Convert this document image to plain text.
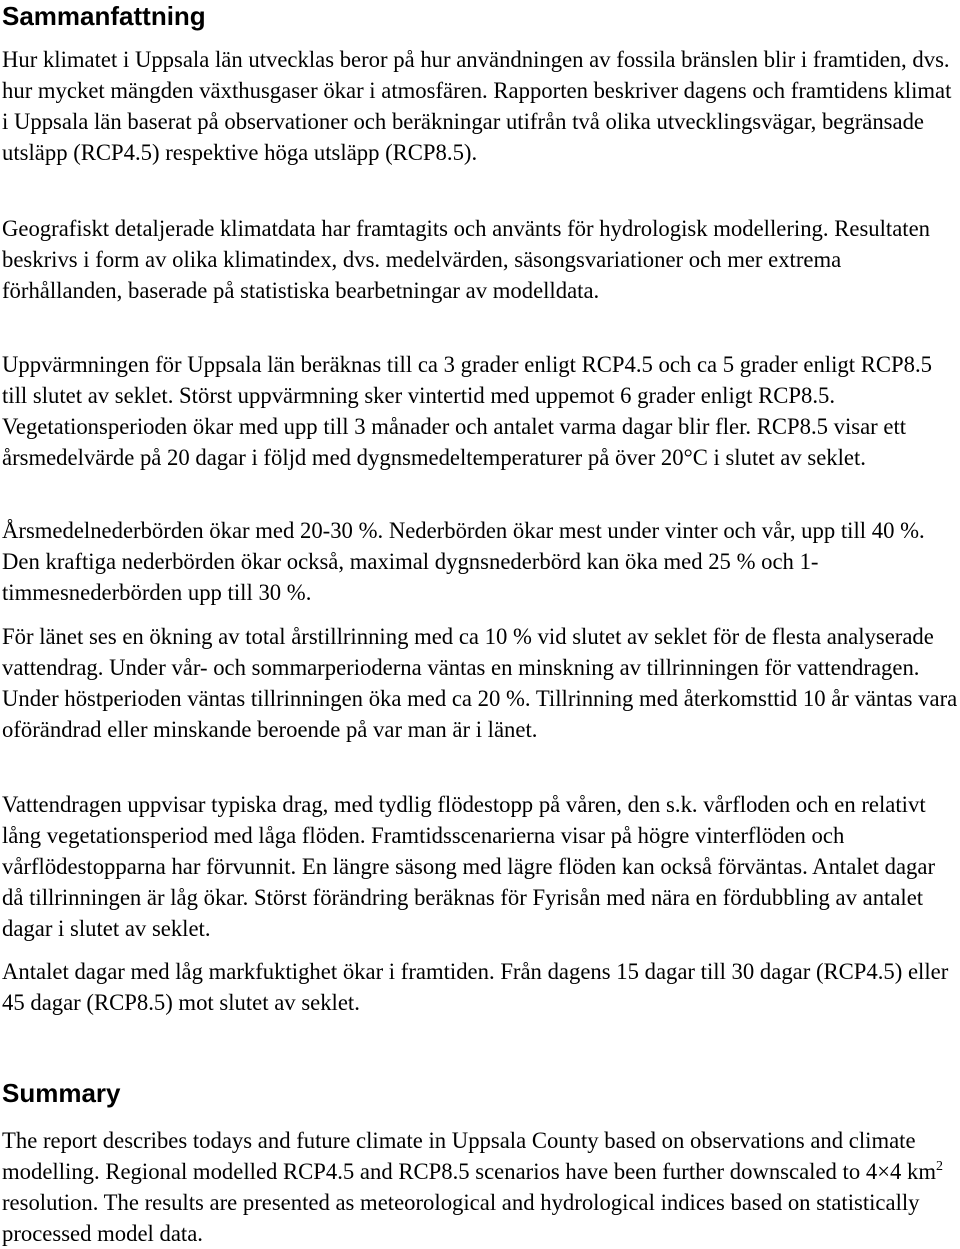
Sammanfattning

Hur klimatet i Uppsala län utvecklas beror på hur användningen av fossila bränslen blir i framtiden, dvs. hur mycket mängden växthusgaser ökar i atmosfären. Rapporten beskriver dagens och framtidens klimat i Uppsala län baserat på observationer och beräkningar utifrån två olika utvecklingsvägar, begränsade utsläpp (RCP4.5) respektive höga utsläpp (RCP8.5).

Geografiskt detaljerade klimatdata har framtagits och använts för hydrologisk modellering. Resultaten beskrivs i form av olika klimatindex, dvs. medelvärden, säsongsvariationer och mer extrema förhållanden, baserade på statistiska bearbetningar av modelldata.

Uppvärmningen för Uppsala län beräknas till ca 3 grader enligt RCP4.5 och ca 5 grader enligt RCP8.5 till slutet av seklet. Störst uppvärmning sker vintertid med uppemot 6 grader enligt RCP8.5. Vegetationsperioden ökar med upp till 3 månader och antalet varma dagar blir fler. RCP8.5 visar ett årsmedelvärde på 20 dagar i följd med dygnsmedeltemperaturer på över 20°C i slutet av seklet.

Årsmedelnederbörden ökar med 20-30 %. Nederbörden ökar mest under vinter och vår, upp till 40 %. Den kraftiga nederbörden ökar också, maximal dygnsnederbörd kan öka med 25 % och 1-timmesnederbörden upp till 30 %.

För länet ses en ökning av total årstillrinning med ca 10 % vid slutet av seklet för de flesta analyserade vattendrag. Under vår- och sommarperioderna väntas en minskning av tillrinningen för vattendragen. Under höstperioden väntas tillrinningen öka med ca 20 %. Tillrinning med återkomsttid 10 år väntas vara oförändrad eller minskande beroende på var man är i länet.

Vattendragen uppvisar typiska drag, med tydlig flödestopp på våren, den s.k. vårfloden och en relativt lång vegetationsperiod med låga flöden. Framtidsscenarierna visar på högre vinterflöden och vårflödestopparna har förvunnit. En längre säsong med lägre flöden kan också förväntas. Antalet dagar då tillrinningen är låg ökar. Störst förändring beräknas för Fyrisån med nära en fördubbling av antalet dagar i slutet av seklet.

Antalet dagar med låg markfuktighet ökar i framtiden. Från dagens 15 dagar till 30 dagar (RCP4.5) eller 45 dagar (RCP8.5) mot slutet av seklet.

Summary

The report describes todays and future climate in Uppsala County based on observations and climate modelling. Regional modelled RCP4.5 and RCP8.5 scenarios have been further downscaled to 4×4 $km^2$ resolution. The results are presented as meteorological and hydrological indices based on statistically processed model data.
